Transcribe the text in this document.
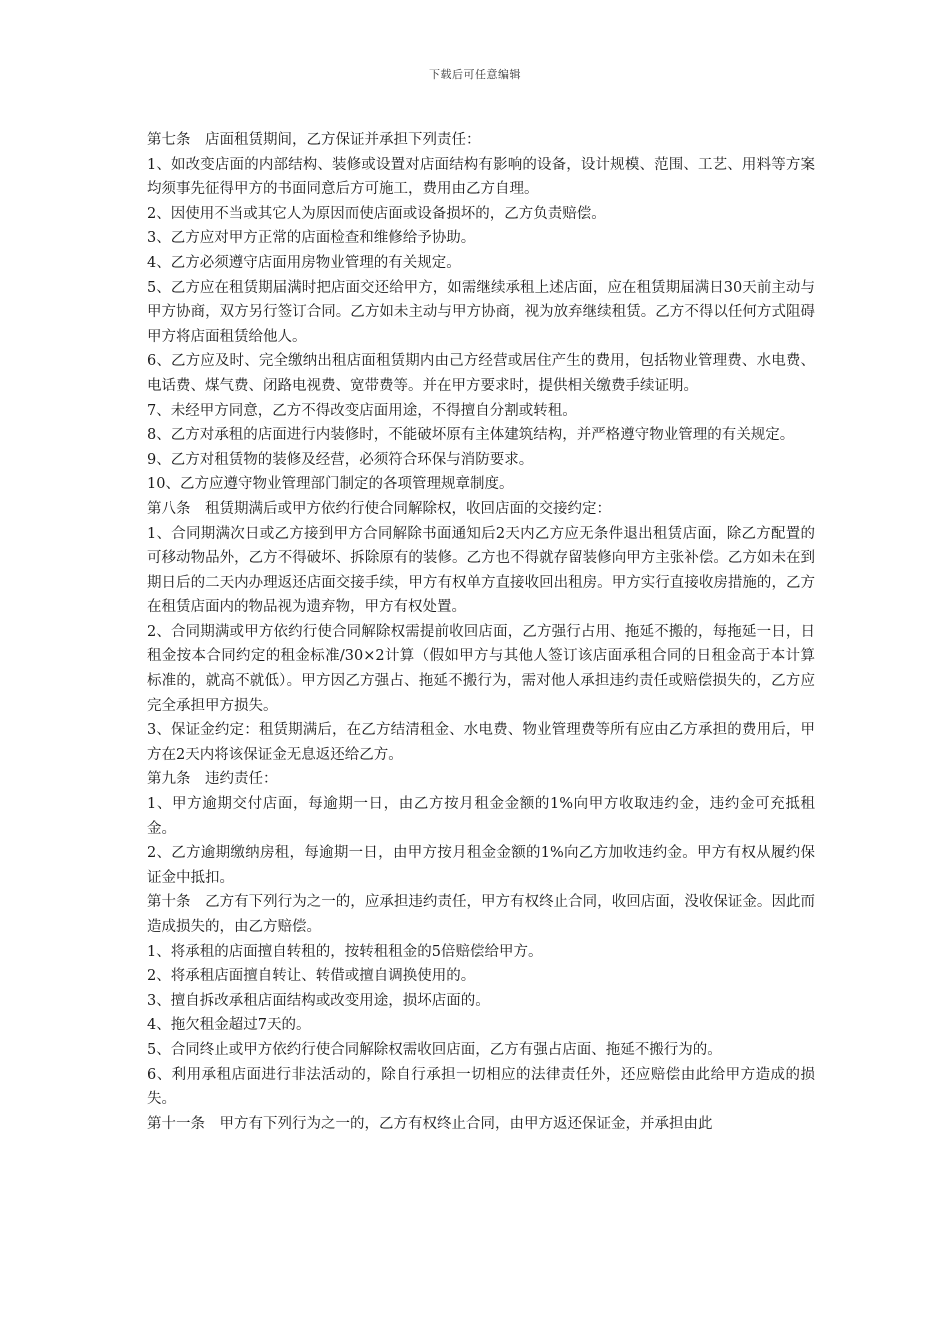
下载后可任意编辑

第七条　店面租赁期间，乙方保证并承担下列责任：

1、如改变店面的内部结构、装修或设置对店面结构有影响的设备，设计规模、范围、工艺、用料等方案均须事先征得甲方的书面同意后方可施工，费用由乙方自理。

2、因使用不当或其它人为原因而使店面或设备损坏的，乙方负责赔偿。

3、乙方应对甲方正常的店面检查和维修给予协助。

4、乙方必须遵守店面用房物业管理的有关规定。

5、乙方应在租赁期届满时把店面交还给甲方，如需继续承租上述店面，应在租赁期届满日30天前主动与甲方协商，双方另行签订合同。乙方如未主动与甲方协商，视为放弃继续租赁。乙方不得以任何方式阻碍甲方将店面租赁给他人。

6、乙方应及时、完全缴纳出租店面租赁期内由己方经营或居住产生的费用，包括物业管理费、水电费、电话费、煤气费、闭路电视费、宽带费等。并在甲方要求时，提供相关缴费手续证明。

7、未经甲方同意，乙方不得改变店面用途，不得擅自分割或转租。

8、乙方对承租的店面进行内装修时，不能破坏原有主体建筑结构，并严格遵守物业管理的有关规定。

9、乙方对租赁物的装修及经营，必须符合环保与消防要求。

10、乙方应遵守物业管理部门制定的各项管理规章制度。

第八条　租赁期满后或甲方依约行使合同解除权，收回店面的交接约定：

1、合同期满次日或乙方接到甲方合同解除书面通知后2天内乙方应无条件退出租赁店面，除乙方配置的可移动物品外，乙方不得破坏、拆除原有的装修。乙方也不得就存留装修向甲方主张补偿。乙方如未在到期日后的二天内办理返还店面交接手续，甲方有权单方直接收回出租房。甲方实行直接收房措施的，乙方在租赁店面内的物品视为遗弃物，甲方有权处置。

2、合同期满或甲方依约行使合同解除权需提前收回店面，乙方强行占用、拖延不搬的，每拖延一日，日租金按本合同约定的租金标准/30×2计算（假如甲方与其他人签订该店面承租合同的日租金高于本计算标准的，就高不就低）。甲方因乙方强占、拖延不搬行为，需对他人承担违约责任或赔偿损失的，乙方应完全承担甲方损失。

3、保证金约定：租赁期满后，在乙方结清租金、水电费、物业管理费等所有应由乙方承担的费用后，甲方在2天内将该保证金无息返还给乙方。

第九条　违约责任：

1、甲方逾期交付店面，每逾期一日，由乙方按月租金金额的1%向甲方收取违约金，违约金可充抵租金。

2、乙方逾期缴纳房租，每逾期一日，由甲方按月租金金额的1%向乙方加收违约金。甲方有权从履约保证金中抵扣。

第十条　乙方有下列行为之一的，应承担违约责任，甲方有权终止合同，收回店面，没收保证金。因此而造成损失的，由乙方赔偿。

1、将承租的店面擅自转租的，按转租租金的5倍赔偿给甲方。

2、将承租店面擅自转让、转借或擅自调换使用的。

3、擅自拆改承租店面结构或改变用途，损坏店面的。

4、拖欠租金超过7天的。

5、合同终止或甲方依约行使合同解除权需收回店面，乙方有强占店面、拖延不搬行为的。

6、利用承租店面进行非法活动的，除自行承担一切相应的法律责任外，还应赔偿由此给甲方造成的损失。

第十一条　甲方有下列行为之一的，乙方有权终止合同，由甲方返还保证金，并承担由此
